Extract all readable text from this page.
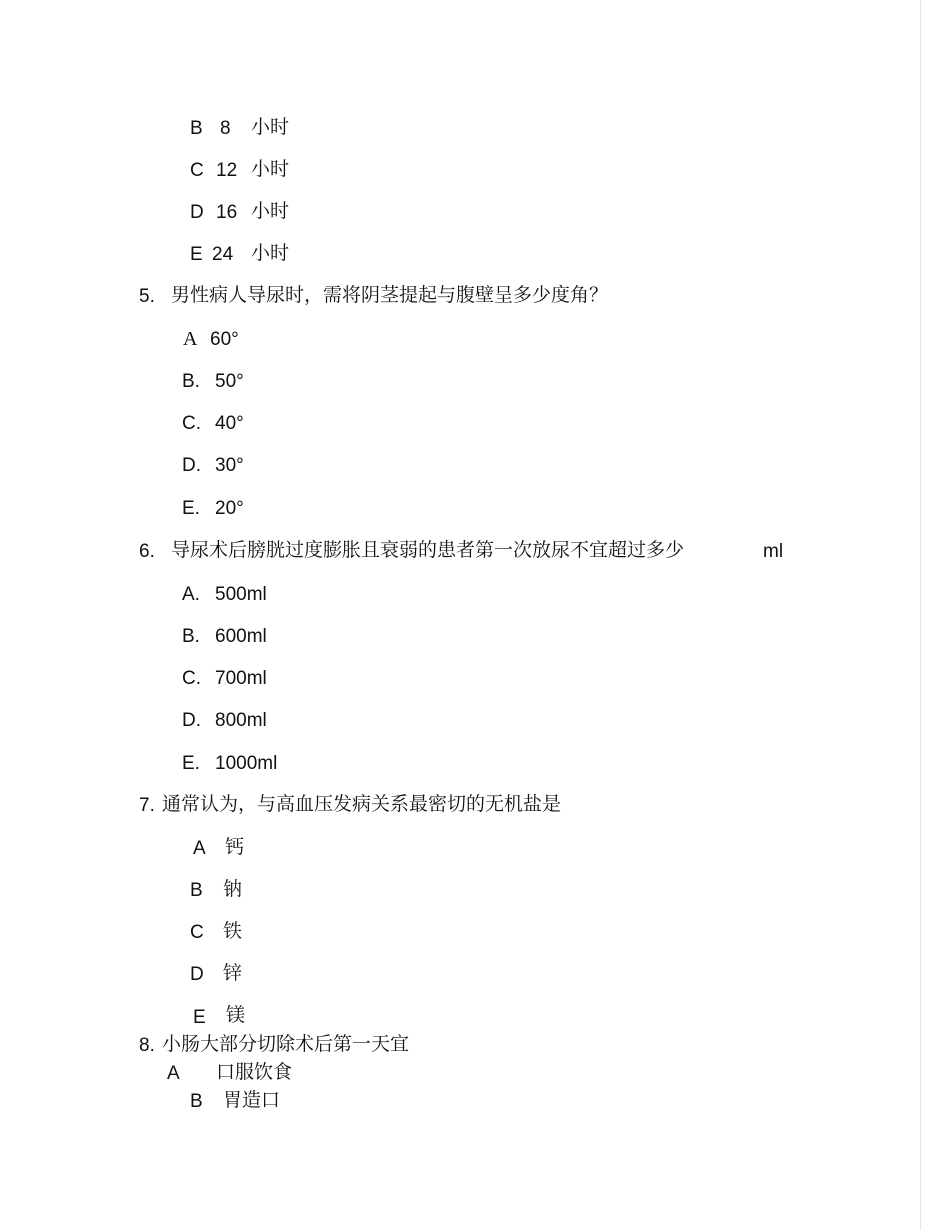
B 8 小时
C 12 小时
D 16 小时
E 24 小时
5. 男性病人导尿时，需将阴茎提起与腹壁呈多少度角？
A 60°
B. 50°
C. 40°
D. 30°
E. 20°
6. 导尿术后膀胱过度膨胀且衰弱的患者第一次放尿不宜超过多少	ml
A. 500ml
B. 600ml
C. 700ml
D. 800ml
E. 1000ml
7. 通常认为，与高血压发病关系最密切的无机盐是
A 钙
B 钠
C 铁
D 锌
E 镁
8. 小肠大部分切除术后第一天宜
A 口服饮食
B 胃造口
